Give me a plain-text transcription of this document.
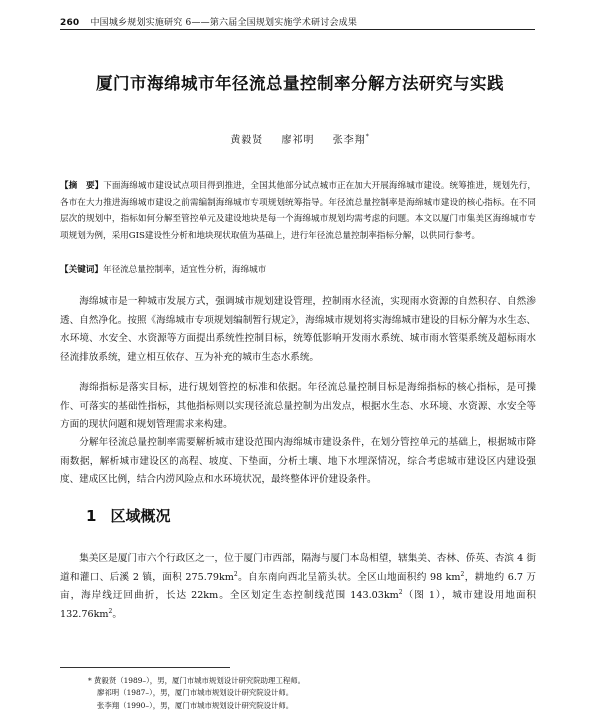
260 中国城乡规划实施研究 6——第六届全国规划实施学术研讨会成果
厦门市海绵城市年径流总量控制率分解方法研究与实践
黄毅贤 廖祁明 张李翔*
【摘　要】下面海绵城市建设试点项目得到推进，全国其他部分试点城市正在加大开展海绵城市建设。统筹推进，规划先行，各市在大力推进海绵城市建设之前需编制海绵城市专项规划统筹指导。年径流总量控制率是海绵城市建设的核心指标。在不同层次的规划中，指标如何分解至管控单元及建设地块是每一个海绵城市规划均需考虑的问题。本文以厦门市集美区海绵城市专项规划为例，采用GIS建设性分析和地块现状取值为基础上，进行年径流总量控制率指标分解，以供同行参考。
【关键词】年径流总量控制率，适宜性分析，海绵城市
海绵城市是一种城市发展方式，强调城市规划建设管理，控制雨水径流，实现雨水资源的自然积存、自然渗透、自然净化。按照《海绵城市专项规划编制暂行规定》，海绵城市规划将实海绵城市建设的目标分解为水生态、水环境、水安全、水资源等方面提出系统性控制目标，统筹低影响开发雨水系统、城市雨水管渠系统及超标雨水径流排放系统，建立相互依存、互为补充的城市生态水系统。
海绵指标是落实目标，进行规划管控的标准和依据。年径流总量控制目标是海绵指标的核心指标，是可操作、可落实的基础性指标，其他指标则以实现径流总量控制为出发点，根据水生态、水环境、水资源、水安全等方面的现状问题和规划管理需求来构建。
分解年径流总量控制率需要解析城市建设范围内海绵城市建设条件，在划分管控单元的基础上，根据城市降雨数据，解析城市建设区的高程、坡度、下垫面，分析土壤、地下水埋深情况，综合考虑城市建设区内建设强度、建成区比例，结合内涝风险点和水环境状况，最终整体评价建设条件。
1 区域概况
集美区是厦门市六个行政区之一，位于厦门市西部，隔海与厦门本岛相望，辖集美、杏林、侨英、杏滨 4 街道和灌口、后溪 2 镇，面积 $275.79km^2$。自东南向西北呈箭头状。全区山地面积约 98 $km^2$，耕地约 6.7 万亩，海岸线迂回曲折，长达 22km。全区划定生态控制线范围 $143.03km^2$（图 1），城市建设用地面积 $132.76km^2$。
* 黄毅贤（1989–），男，厦门市城市规划设计研究院助理工程师。
廖祁明（1987–），男，厦门市城市规划设计研究院设计师。
张李翔（1990–），男，厦门市城市规划设计研究院设计师。
